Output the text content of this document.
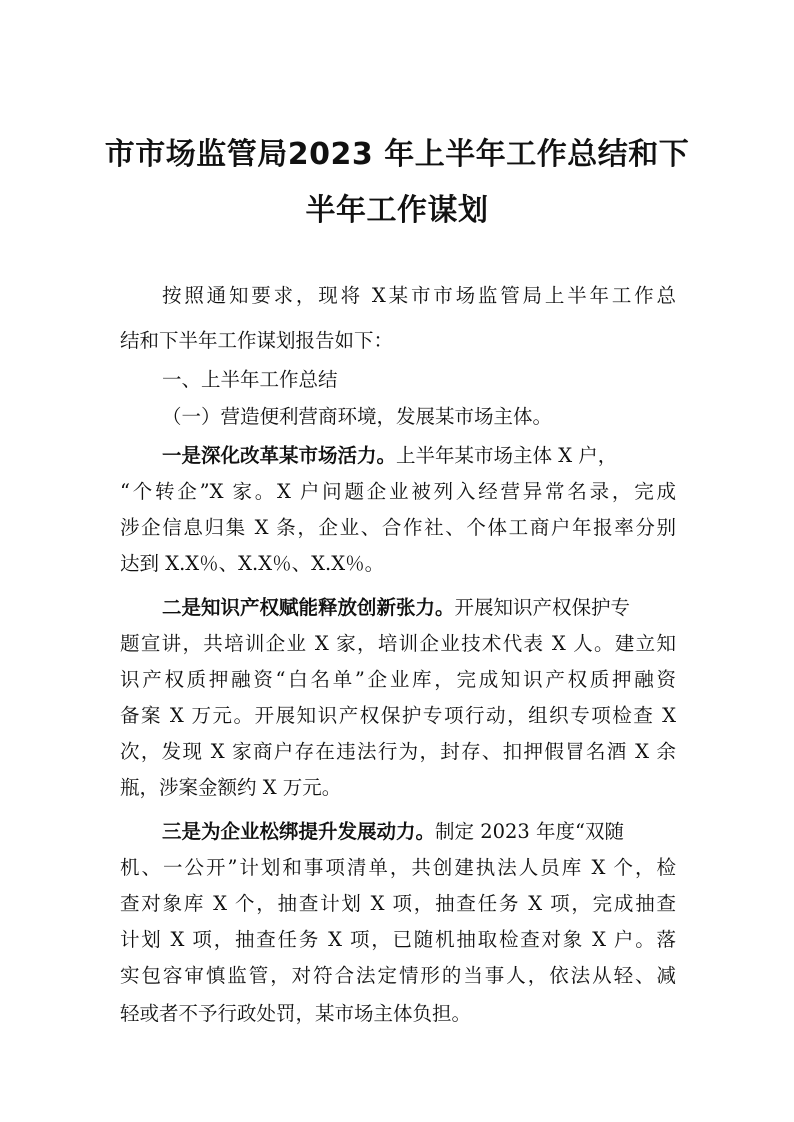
市市场监管局2023 年上半年工作总结和下
半年工作谋划
按照通知要求，现将 X某市市场监管局上半年工作总
结和下半年工作谋划报告如下：
一、上半年工作总结
（一）营造便利营商环境，发展某市场主体。
一是深化改革某市场活力。上半年某市场主体 X 户，
“个转企”X 家。X 户问题企业被列入经营异常名录，完成
涉企信息归集 X 条，企业、合作社、个体工商户年报率分别
达到 X.X％、X.X％、X.X％。
二是知识产权赋能释放创新张力。开展知识产权保护专
题宣讲，共培训企业 X 家，培训企业技术代表 X 人。建立知
识产权质押融资“白名单”企业库，完成知识产权质押融资
备案 X 万元。开展知识产权保护专项行动，组织专项检查 X
次，发现 X 家商户存在违法行为，封存、扣押假冒名酒 X 余
瓶，涉案金额约 X 万元。
三是为企业松绑提升发展动力。制定 2023 年度“双随
机、一公开”计划和事项清单，共创建执法人员库 X 个，检
查对象库 X 个，抽查计划 X 项，抽查任务 X 项，完成抽查
计划 X 项，抽查任务 X 项，已随机抽取检查对象 X 户。落
实包容审慎监管，对符合法定情形的当事人，依法从轻、减
轻或者不予行政处罚，某市场主体负担。
